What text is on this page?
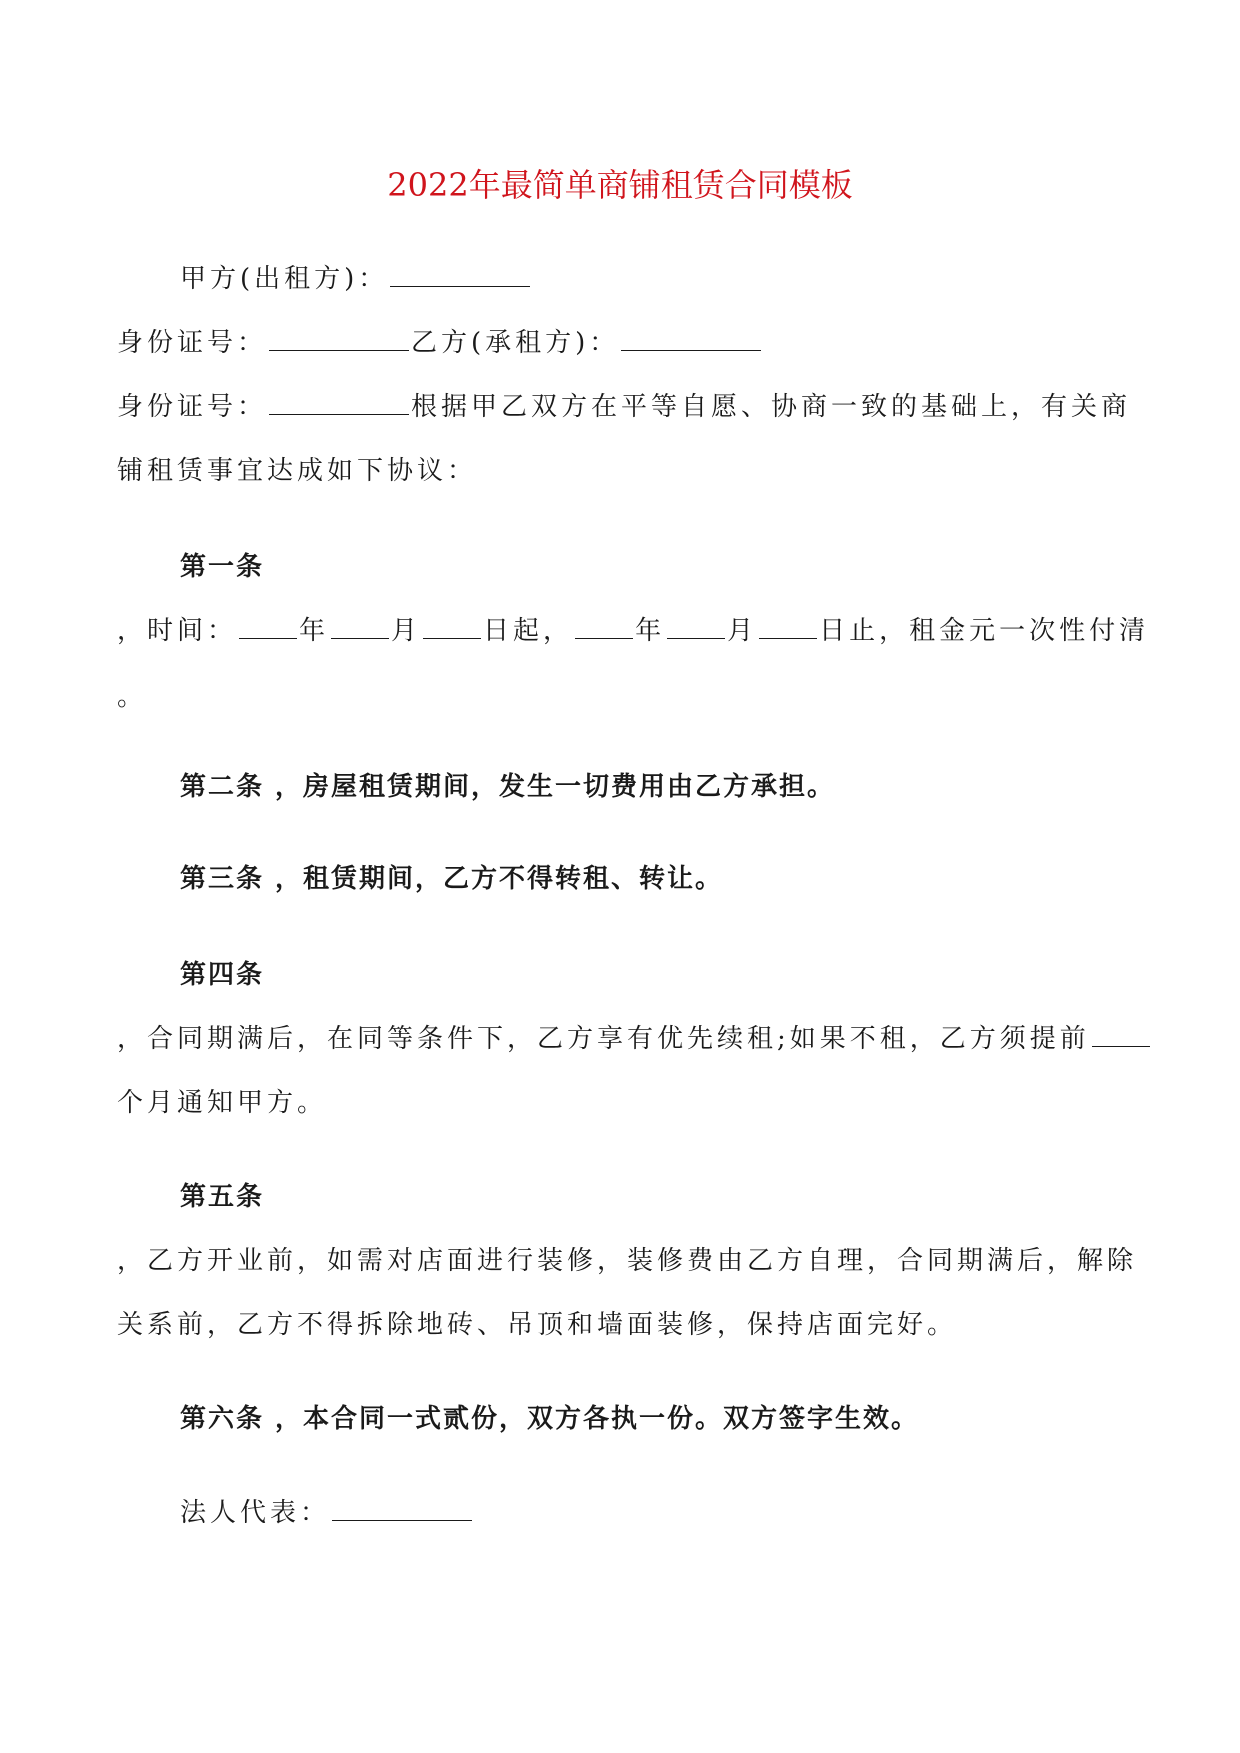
2022年最简单商铺租赁合同模板
甲方(出租方)：
身份证号：	乙方(承租方)：
身份证号：	根据甲乙双方在平等自愿、协商一致的基础上，有关商
铺租赁事宜达成如下协议：
第一条
，时间： 年 月 日起， 年 月 日止，租金元一次性付清
。
第二条 ，房屋租赁期间，发生一切费用由乙方承担。
第三条 ，租赁期间，乙方不得转租、转让。
第四条
，合同期满后，在同等条件下，乙方享有优先续租;如果不租，乙方须提前
个月通知甲方。
第五条
，乙方开业前，如需对店面进行装修，装修费由乙方自理，合同期满后，解除
关系前，乙方不得拆除地砖、吊顶和墙面装修，保持店面完好。
第六条 ，本合同一式贰份，双方各执一份。双方签字生效。
法人代表：
